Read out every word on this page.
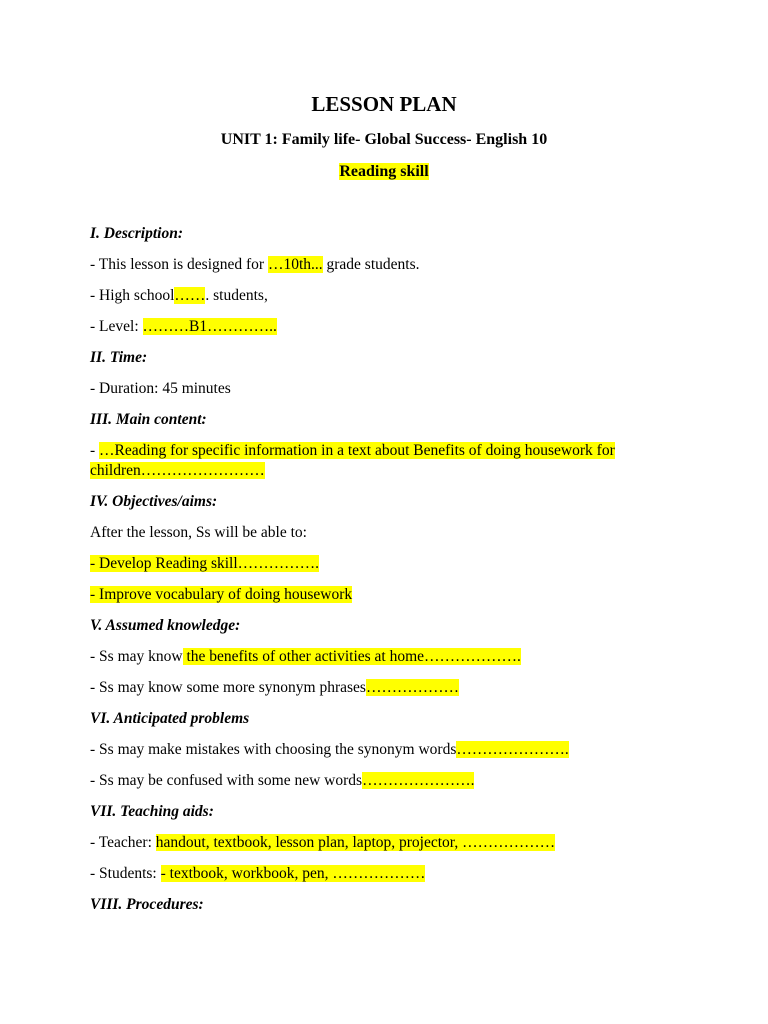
LESSON PLAN
UNIT 1: Family life- Global Success- English 10
Reading skill
I. Description:
- This lesson is designed for …10th... grade students.
- High school……. students,
- Level: ………B1…………..
II. Time:
- Duration: 45 minutes
III. Main content:
- …Reading for specific information in a text about Benefits of doing housework for
children……………………
IV. Objectives/aims:
After the lesson, Ss will be able to:
- Develop Reading skill…………….
- Improve vocabulary of doing housework
V. Assumed knowledge:
- Ss may know the benefits of other activities at home……………….
- Ss may know some more synonym phrases………………
VI. Anticipated problems
- Ss may make mistakes with choosing the synonym words………………….
- Ss may be confused with some new words………………….
VII. Teaching aids:
- Teacher: handout, textbook, lesson plan, laptop, projector, ………………
- Students: - textbook, workbook, pen, ………………
VIII. Procedures:
